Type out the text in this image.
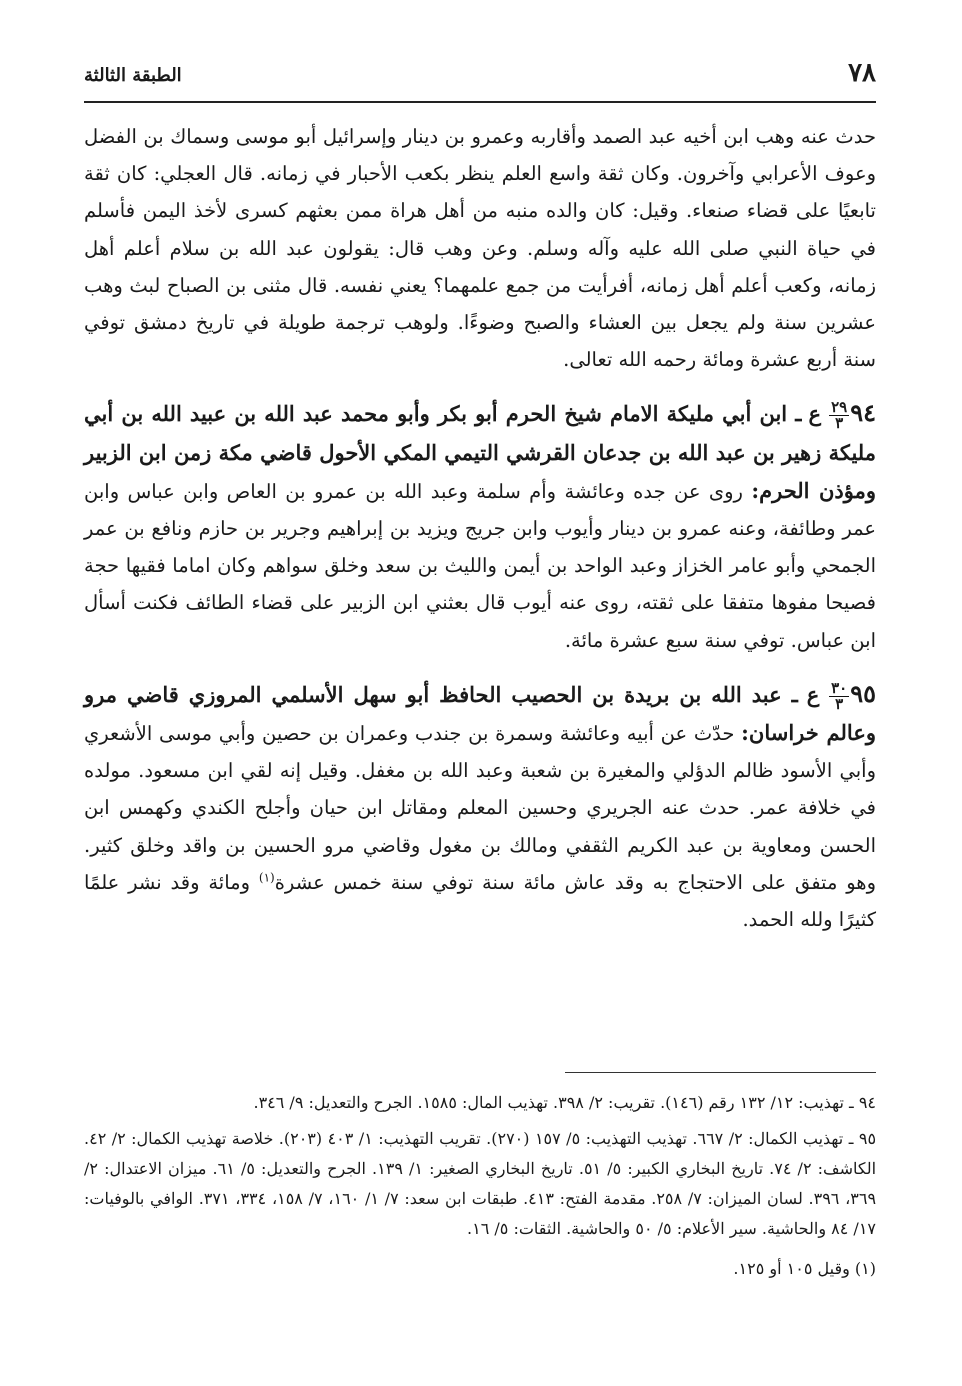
٧٨
الطبقة الثالثة

حدث عنه وهب ابن أخيه عبد الصمد وأقاربه وعمرو بن دينار وإسرائيل أبو موسى وسماك بن الفضل وعوف الأعرابي وآخرون. وكان ثقة واسع العلم ينظر بكعب الأحبار في زمانه. قال العجلي: كان ثقة تابعيًا على قضاء صنعاء. وقيل: كان والده منبه من أهل هراة ممن بعثهم كسرى لأخذ اليمن فأسلم في حياة النبي صلى الله عليه وآله وسلم. وعن وهب قال: يقولون عبد الله بن سلام أعلم أهل زمانه، وكعب أعلم أهل زمانه، أفرأيت من جمع علمهما؟ يعني نفسه. قال مثنى بن الصباح لبث وهب عشرين سنة ولم يجعل بين العشاء والصبح وضوءًا. ولوهب ترجمة طويلة في تاريخ دمشق توفي سنة أربع عشرة ومائة رحمه الله تعالى.

٩٤
$\frac{٢٩}{٣}$
ع ـ ابن أبي مليكة الامام شيخ الحرم أبو بكر وأبو محمد عبد الله بن عبيد الله بن أبي مليكة زهير بن عبد الله بن جدعان القرشي التيمي المكي الأحول قاضي مكة زمن ابن الزبير ومؤذن الحرم: روى عن جده وعائشة وأم سلمة وعبد الله بن عمرو بن العاص وابن عباس وابن عمر وطائفة، وعنه عمرو بن دينار وأيوب وابن جريج ويزيد بن إبراهيم وجرير بن حازم ونافع بن عمر الجمحي وأبو عامر الخزاز وعبد الواحد بن أيمن والليث بن سعد وخلق سواهم وكان اماما فقيها حجة فصيحا مفوها متفقا على ثقته، روى عنه أيوب قال بعثني ابن الزبير على قضاء الطائف فكنت أسأل ابن عباس. توفي سنة سبع عشرة مائة.

٩٥
$\frac{٣٠}{٣}$
ع ـ عبد الله بن بريدة بن الحصيب الحافظ أبو سهل الأسلمي المروزي قاضي مرو وعالم خراسان: حدّث عن أبيه وعائشة وسمرة بن جندب وعمران بن حصين وأبي موسى الأشعري وأبي الأسود ظالم الدؤلي والمغيرة بن شعبة وعبد الله بن مغفل. وقيل إنه لقي ابن مسعود. مولده في خلافة عمر. حدث عنه الجريري وحسين المعلم ومقاتل ابن حيان وأجلح الكندي وكهمس ابن الحسن ومعاوية بن عبد الكريم الثقفي ومالك بن مغول وقاضي مرو الحسين بن واقد وخلق كثير. وهو متفق على الاحتجاج به وقد عاش مائة سنة توفي سنة خمس عشرة$^{(١)}$ ومائة وقد نشر علمًا كثيرًا ولله الحمد.

٩٤ ـ تهذيب: ١٢/ ١٣٢ رقم (١٤٦). تقريب: ٢/ ٣٩٨. تهذيب المال: ١٥٨٥. الجرح والتعديل: ٩/ ٣٤٦.

٩٥ ـ تهذيب الكمال: ٢/ ٦٦٧. تهذيب التهذيب: ٥/ ١٥٧ (٢٧٠). تقريب التهذيب: ١/ ٤٠٣ (٢٠٣). خلاصة تهذيب الكمال: ٢/ ٤٢. الكاشف: ٢/ ٧٤. تاريخ البخاري الكبير: ٥/ ٥١. تاريخ البخاري الصغير: ١/ ١٣٩. الجرح والتعديل: ٥/ ٦١. ميزان الاعتدال: ٢/ ٣٦٩، ٣٩٦. لسان الميزان: ٧/ ٢٥٨. مقدمة الفتح: ٤١٣. طبقات ابن سعد: ٧/ ١/ ١٦٠، ٧/ ١٥٨، ٣٣٤، ٣٧١. الوافي بالوفيات: ١٧/ ٨٤ والحاشية. سير الأعلام: ٥/ ٥٠ والحاشية. الثقات: ٥/ ١٦.

(١) وقيل ١٠٥ أو ١٢٥.
